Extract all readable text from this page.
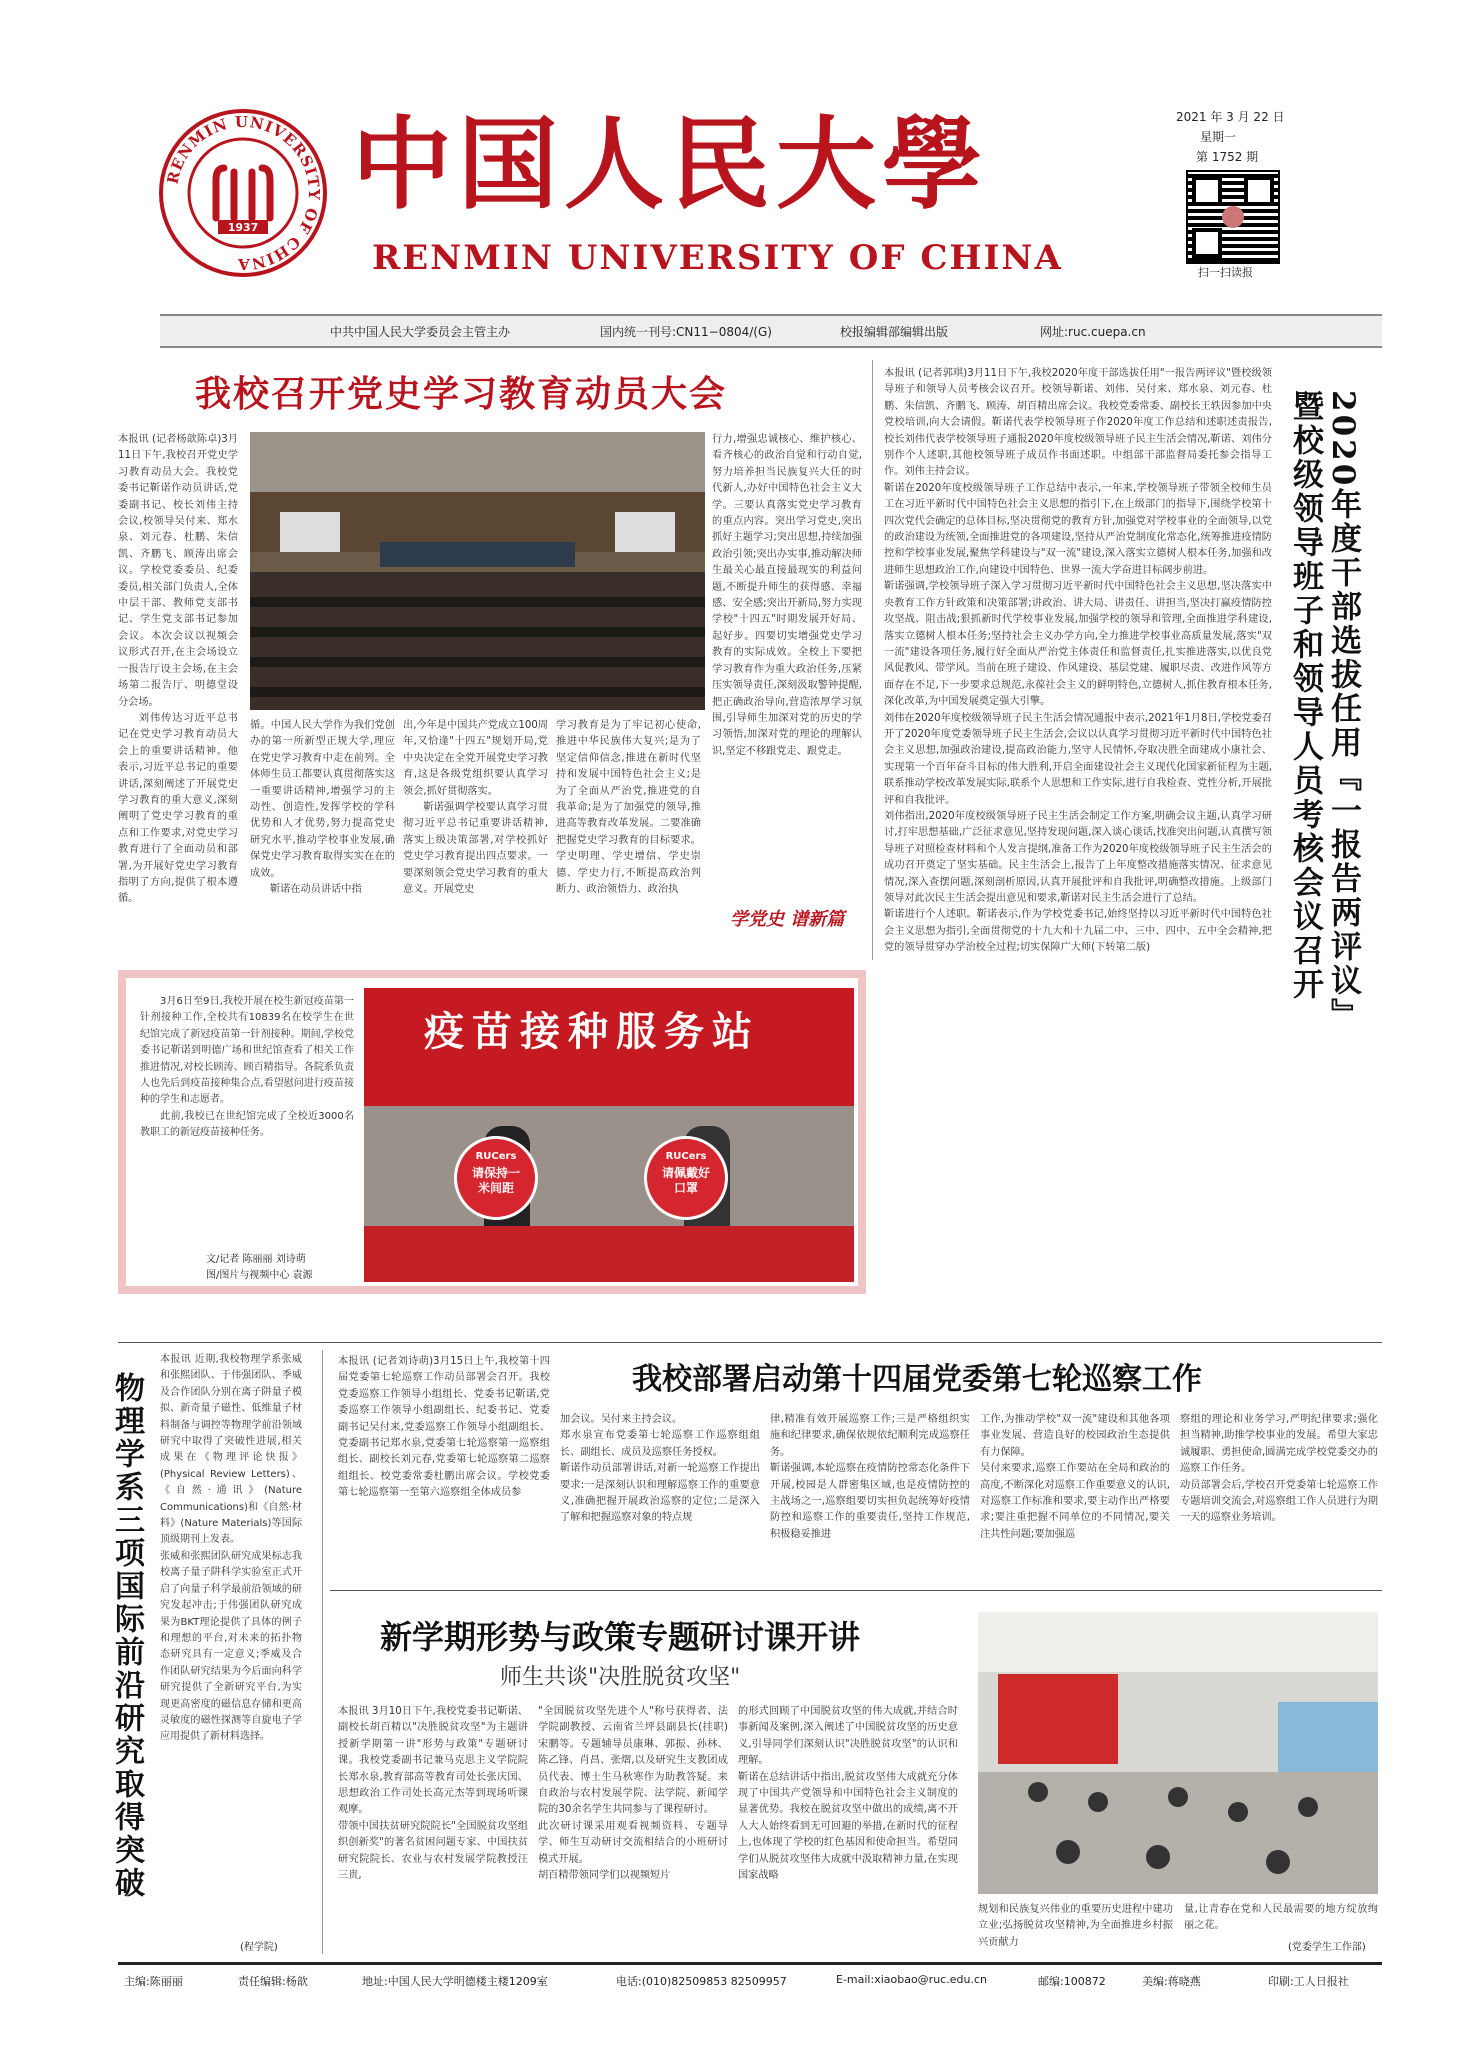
RENMIN UNIVERSITY OF CHINA
1937
中国人民大學
RENMIN UNIVERSITY OF CHINA
2021 年 3 月 22 日
星期一
第 1752 期
扫一扫读报
中共中国人民大学委员会主管主办	国内统一刊号:CN11−0804/(G)	校报编辑部编辑出版	网址:ruc.cuepa.cn
我校召开党史学习教育动员大会
本报讯 (记者杨歆陈卓)3月11日下午,我校召开党史学习教育动员大会。我校党委书记靳诺作动员讲话,党委副书记、校长刘伟主持会议,校领导吴付来、郑水泉、刘元春、杜鹏、朱信凯、齐鹏飞、顾涛出席会议。学校党委委员、纪委委员,相关部门负责人,全体中层干部、教师党支部书记、学生党支部书记参加会议。本次会议以视频会议形式召开,在主会场设立一报告厅设主会场,在主会场第二报告厅、明德堂设分会场。
刘伟传达习近平总书记在党史学习教育动员大会上的重要讲话精神。他表示,习近平总书记的重要讲话,深刻阐述了开展党史学习教育的重大意义,深刻阐明了党史学习教育的重点和工作要求,对党史学习教育进行了全面动员和部署,为开展好党史学习教育指明了方向,提供了根本遵循。
循。中国人民大学作为我们党创办的第一所新型正规大学,理应在党史学习教育中走在前列。全体师生员工都要认真贯彻落实这一重要讲话精神,增强学习的主动性、创造性,发挥学校的学科优势和人才优势,努力提高党史研究水平,推动学校事业发展,确保党史学习教育取得实实在在的成效。
靳诺在动员讲话中指
出,今年是中国共产党成立100周年,又恰逢"十四五"规划开局,党中央决定在全党开展党史学习教育,这是各级党组织要认真学习领会,抓好贯彻落实。
靳诺强调学校要认真学习贯彻习近平总书记重要讲话精神,落实上级决策部署,对学校抓好党史学习教育提出四点要求。一要深刻领会党史学习教育的重大意义。开展党史
学习教育是为了牢记初心使命,推进中华民族伟大复兴;是为了坚定信仰信念,推进在新时代坚持和发展中国特色社会主义;是为了全面从严治党,推进党的自我革命;是为了加强党的领导,推进高等教育改革发展。二要准确把握党史学习教育的目标要求。学史明理、学史增信、学史崇德、学史力行,不断提高政治判断力、政治领悟力、政治执
行力,增强忠诚核心、维护核心、看齐核心的政治自觉和行动自觉,努力培养担当民族复兴大任的时代新人,办好中国特色社会主义大学。三要认真落实党史学习教育的重点内容。突出学习党史,突出抓好主题学习;突出思想,持续加强政治引领;突出办实事,推动解决师生最关心最直接最现实的利益问题,不断提升师生的获得感、幸福感、安全感;突出开新局,努力实现学校"十四五"时期发展开好局、起好步。四要切实增强党史学习教育的实际成效。全校上下要把学习教育作为重大政治任务,压紧压实领导责任,深刻汲取警钟提醒,把正确政治导向,营造浓厚学习氛围,引导师生加深对党的历史的学习领悟,加深对党的理论的理解认识,坚定不移跟党走、跟党走。
学党史 谱新篇	2020年度干部选拔任用『一报告两评议』暨校级领导班子和领导人员考核会议召开
本报讯 (记者郭琪)3月11日下午,我校2020年度干部选拔任用"一报告两评议"暨校级领导班子和领导人员考核会议召开。校领导靳诺、刘伟、吴付来、郑水泉、刘元春、杜鹏、朱信凯、齐鹏飞、顾涛、胡百精出席会议。我校党委常委、副校长王轶因参加中央党校培训,向大会请假。靳诺代表学校领导班子作2020年度工作总结和述职述责报告,校长刘伟代表学校领导班子通报2020年度校级领导班子民主生活会情况,靳诺、刘伟分别作个人述职,其他校领导班子成员作书面述职。中组部干部监督局委托参会指导工作。刘伟主持会议。
靳诺在2020年度校级领导班子工作总结中表示,一年来,学校领导班子带领全校师生员工在习近平新时代中国特色社会主义思想的指引下,在上级部门的指导下,围绕学校第十四次党代会确定的总体目标,坚决贯彻党的教育方针,加强党对学校事业的全面领导,以党的政治建设为统领,全面推进党的各项建设,坚持从严治党制度化常态化,统筹推进疫情防控和学校事业发展,聚焦学科建设与"双一流"建设,深入落实立德树人根本任务,加强和改进师生思想政治工作,向建设中国特色、世界一流大学奋进目标阔步前进。
靳诺强调,学校领导班子深入学习贯彻习近平新时代中国特色社会主义思想,坚决落实中央教育工作方针政策和决策部署;讲政治、讲大局、讲责任、讲担当,坚决打赢疫情防控攻坚战、阻击战;狠抓新时代学校事业发展,加强学校的领导和管理,全面推进学科建设,落实立德树人根本任务;坚持社会主义办学方向,全力推进学校事业高质量发展,落实"双一流"建设各项任务,履行好全面从严治党主体责任和监督责任,扎实推进落实,以优良党风促教风、带学风。当前在班子建设、作风建设、基层党建、履职尽责、改进作风等方面存在不足,下一步要求总规范,永葆社会主义的鲜明特色,立德树人,抓住教育根本任务,深化改革,为中国发展奠定强大引擎。
刘伟在2020年度校级领导班子民主生活会情况通报中表示,2021年1月8日,学校党委召开了2020年度党委领导班子民主生活会,会议以认真学习贯彻习近平新时代中国特色社会主义思想,加强政治建设,提高政治能力,坚守人民情怀,夺取决胜全面建成小康社会、实现第一个百年奋斗目标的伟大胜利,开启全面建设社会主义现代化国家新征程为主题,联系推动学校改革发展实际,联系个人思想和工作实际,进行自我检查、党性分析,开展批评和自我批评。
刘伟指出,2020年度校级领导班子民主生活会制定工作方案,明确会议主题,认真学习研讨,打牢思想基础,广泛征求意见,坚持发现问题,深入谈心谈话,找准突出问题,认真撰写领导班子对照检查材料和个人发言提纲,准备工作为2020年度校级领导班子民主生活会的成功召开奠定了坚实基础。民主生活会上,报告了上年度整改措施落实情况、征求意见情况,深入查摆问题,深刻剖析原因,认真开展批评和自我批评,明确整改措施。上级部门领导对此次民主生活会提出意见和要求,靳诺对民主生活会进行了总结。
靳诺进行个人述职。靳诺表示,作为学校党委书记,始终坚持以习近平新时代中国特色社会主义思想为指引,全面贯彻党的十九大和十九届二中、三中、四中、五中全会精神,把党的领导贯穿办学治校全过程;切实保障广大师(下转第二版)
3月6日至9日,我校开展在校生新冠疫苗第一针剂接种工作,全校共有10839名在校学生在世纪馆完成了新冠疫苗第一针剂接种。期间,学校党委书记靳诺到明德广场和世纪馆查看了相关工作推进情况,对校长顾涛、顾百精指导。各院系负责人也先后到疫苗接种集合点,看望慰问进行疫苗接种的学生和志愿者。
此前,我校已在世纪馆完成了全校近3000名教职工的新冠疫苗接种任务。
文/记者 陈丽丽 刘诗萌
图/图片与视频中心 袁源
疫苗接种服务站
RUCers
请保持一米间距
RUCers
请佩戴好口罩
物理学系三项国际前沿研究取得突破
本报讯 近期,我校物理学系张威和张熙团队、于伟强团队、季威及合作团队分别在离子阱量子模拟、新奇量子磁性、低维量子材料制备与调控等物理学前沿领域研究中取得了突破性进展,相关成果在《物理评论快报》(Physical Review Letters)、《自然·通讯》(Nature Communications)和《自然·材料》(Nature Materials)等国际顶级期刊上发表。
张威和张熙团队研究成果标志我校离子量子阱科学实验室正式开启了向量子科学最前沿领域的研究发起冲击;于伟强团队研究成果为BKT理论提供了具体的例子和理想的平台,对未来的拓扑物态研究具有一定意义;季威及合作团队研究结果为今后面向科学研究提供了全新研究平台,为实现更高密度的磁信息存储和更高灵敏度的磁性探测等自旋电子学应用提供了新材料选择。
(程学院)
我校部署启动第十四届党委第七轮巡察工作
本报讯 (记者刘诗萌)3月15日上午,我校第十四届党委第七轮巡察工作动员部署会召开。我校党委巡察工作领导小组组长、党委书记靳诺,党委巡察工作领导小组副组长、纪委书记、党委副书记吴付来,党委巡察工作领导小组副组长、党委副书记郑水泉,党委第七轮巡察第一巡察组组长、副校长刘元春,党委第七轮巡察第二巡察组组长、校党委常委杜鹏出席会议。学校党委第七轮巡察第一至第六巡察组全体成员参
加会议。吴付来主持会议。
郑水泉宣布党委第七轮巡察工作巡察组组长、副组长、成员及巡察任务授权。
靳诺作动员部署讲话,对新一轮巡察工作提出要求:一是深刻认识和理解巡察工作的重要意义,准确把握开展政治巡察的定位;二是深入了解和把握巡察对象的特点规
律,精准有效开展巡察工作;三是严格组织实施和纪律要求,确保依规依纪顺利完成巡察任务。
靳诺强调,本轮巡察在疫情防控常态化条件下开展,校园是人群密集区域,也是疫情防控的主战场之一,巡察组要切实担负起统筹好疫情防控和巡察工作的重要责任,坚持工作规范,积极稳妥推进
工作,为推动学校"双一流"建设和其他各项事业发展、营造良好的校园政治生态提供有力保障。
吴付来要求,巡察工作要站在全局和政治的高度,不断深化对巡察工作重要意义的认识,对巡察工作标准和要求,要主动作出严格要求;要注重把握不同单位的不同情况,要关注共性问题;要加强巡
察组的理论和业务学习,严明纪律要求;强化担当精神,助推学校事业的发展。希望大家忠诚履职、勇担使命,圆满完成学校党委交办的巡察工作任务。
动员部署会后,学校召开党委第七轮巡察工作专题培训交流会,对巡察组工作人员进行为期一天的巡察业务培训。
新学期形势与政策专题研讨课开讲
师生共谈"决胜脱贫攻坚"
本报讯 3月10日下午,我校党委书记靳诺、副校长胡百精以"决胜脱贫攻坚"为主题讲授新学期第一讲"形势与政策"专题研讨课。我校党委副书记兼马克思主义学院院长郑水泉,教育部高等教育司处长张庆国、思想政治工作司处长高元杰等到现场听课观摩。
带领中国扶贫研究院院长"全国脱贫攻坚组织创新奖"的著名贫困问题专家、中国扶贫研究院院长、农业与农村发展学院教授汪三贵,
"全国脱贫攻坚先进个人"称号获得者、法学院副教授、云南省兰坪县副县长(挂职)宋鹏等。专题辅导员康琳、郭振、孙林、陈乙锋、肖昌、张熠,以及研究生支教团成员代表、博士生马秋寒作为助教答疑。来自政治与农村发展学院、法学院、新闻学院的30余名学生共同参与了课程研讨。
此次研讨课采用观看视频资料、专题导学、师生互动研讨交流相结合的小班研讨模式开展。
胡百精带领同学们以视频短片
的形式回顾了中国脱贫攻坚的伟大成就,并结合时事新闻及案例,深入阐述了中国脱贫攻坚的历史意义,引导同学们深刻认识"决胜脱贫攻坚"的认识和理解。
靳诺在总结讲话中指出,脱贫攻坚伟大成就充分体现了中国共产党领导和中国特色社会主义制度的显著优势。我校在脱贫攻坚中做出的成绩,离不开人大人始终看到无可回避的举措,在新时代的征程上,也体现了学校的红色基因和使命担当。希望同学们从脱贫攻坚伟大成就中汲取精神力量,在实现国家战略
规划和民族复兴伟业的重要历史进程中建功立业;弘扬脱贫攻坚精神,为全面推进乡村振兴贡献力
量,让青春在党和人民最需要的地方绽放绚丽之花。
(党委学生工作部)
主编:陈丽丽	责任编辑:杨歆	地址:中国人民大学明德楼主楼1209室	电话:(010)82509853 82509957	E-mail:xiaobao@ruc.edu.cn	邮编:100872	美编:蒋晓燕	印刷:工人日报社
